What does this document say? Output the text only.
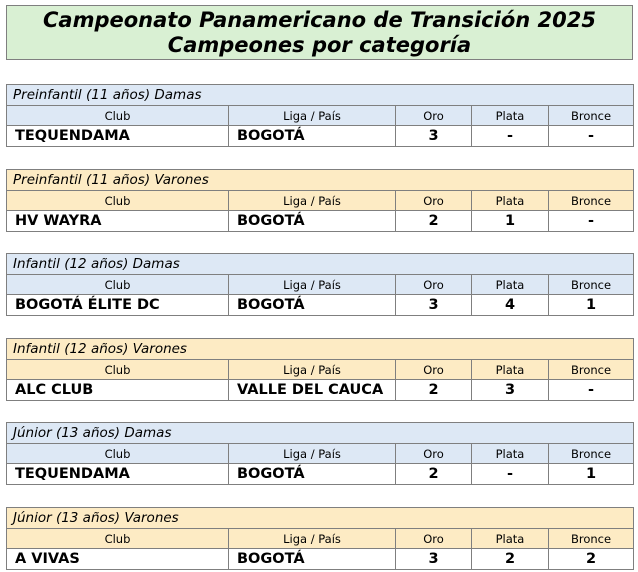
Campeonato Panamericano de Transición 2025
Campeones por categoría
Preinfantil (11 años) Damas				
Club	Liga / País	Oro	Plata	Bronce
TEQUENDAMA	BOGOTÁ	3	-	-
Preinfantil (11 años) Varones				
Club	Liga / País	Oro	Plata	Bronce
HV WAYRA	BOGOTÁ	2	1	-
Infantil (12 años) Damas				
Club	Liga / País	Oro	Plata	Bronce
BOGOTÁ ÉLITE DC	BOGOTÁ	3	4	1
Infantil (12 años) Varones				
Club	Liga / País	Oro	Plata	Bronce
ALC CLUB	VALLE DEL CAUCA	2	3	-
Júnior (13 años) Damas				
Club	Liga / País	Oro	Plata	Bronce
TEQUENDAMA	BOGOTÁ	2	-	1
Júnior (13 años) Varones				
Club	Liga / País	Oro	Plata	Bronce
A VIVAS	BOGOTÁ	3	2	2
